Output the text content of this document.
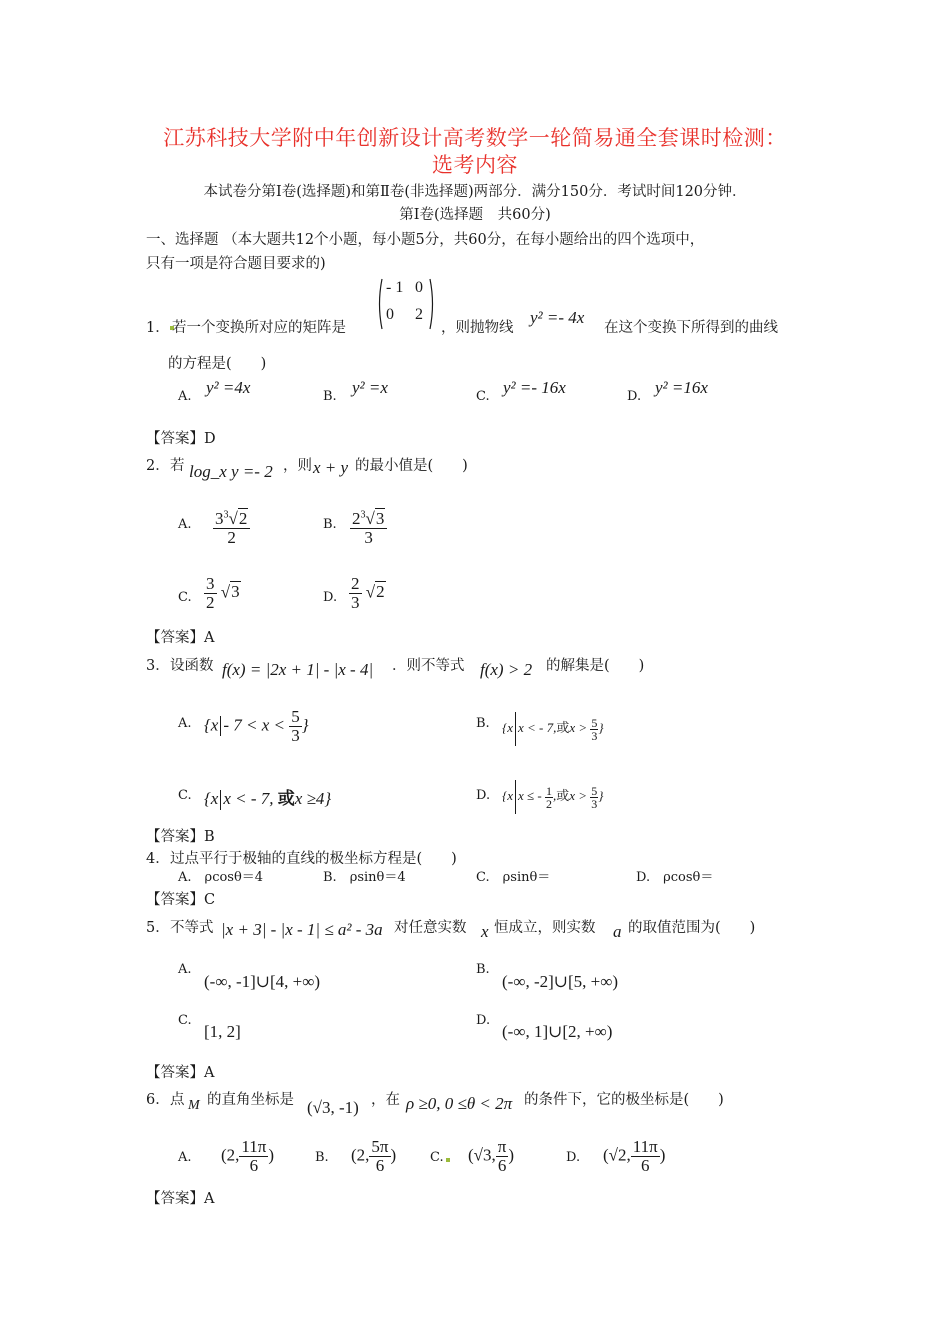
江苏科技大学附中年创新设计高考数学一轮简易通全套课时检测：
选考内容
本试卷分第Ⅰ卷(选择题)和第Ⅱ卷(非选择题)两部分．满分150分．考试时间120分钟．
第Ⅰ卷(选择题　共60分)
一、选择题 （本大题共12个小题，每小题5分，共60分，在每小题给出的四个选项中，
只有一项是符合题目要求的)
1． 若一个变换所对应的矩阵是
- 1 0
0 2
，则抛物线
y² =- 4x
在这个变换下所得到的曲线
的方程是(　　)
A. y² =4x	B. y² =x	C. y² =- 16x	D. y² =16x
【答案】D
2． 若 log_x y =- 2 ，则 x + y 的最小值是(　　)
A. $\frac{3^3√2}{2}$	B. $\frac{2^3√3}{3}$
C. $\frac{3}{2} √3$	D. $\frac{2}{3} √2$
【答案】A
3． 设函数 f(x) = |2x + 1| - |x - 4| ．则不等式 f(x) > 2 的解集是(　　)
A. {$x - 7 < x < \frac{5}{3}$ }	B. {x x < - 7,或$x > \frac{5}{3}$ }
C. {x x < - 7, 或x ≥4}	D. {x x ≤ - $\frac{1}{2}$ ,或$x > \frac{5}{3}$ }
【答案】B
4． 过点平行于极轴的直线的极坐标方程是(　　)
A.　 ρcosθ＝4	B.　 ρsinθ＝4	C.　 ρsinθ＝	D.　 ρcosθ＝
【答案】C
5． 不等式 |x + 3| - |x - 1| ≤ a² - 3a 对任意实数 x 恒成立，则实数 a 的取值范围为(　　)
A.
(-∞, -1]∪[4, +∞)
B.
(-∞, -2]∪[5, +∞)
C.
[1, 2]
D.
(-∞, 1]∪[2, +∞)
【答案】A
6． 点 M 的直角坐标是 (√3, -1) ，在 ρ ≥0, 0 ≤θ < 2π 的条件下，它的极坐标是(　　)
A. (2, $\frac{11\pi}{6}$ )	B. (2, $\frac{5\pi}{6}$ )	C. (√3, $\frac{\pi}{6}$ )	D. (√2, $\frac{11\pi}{6}$ )
【答案】A
